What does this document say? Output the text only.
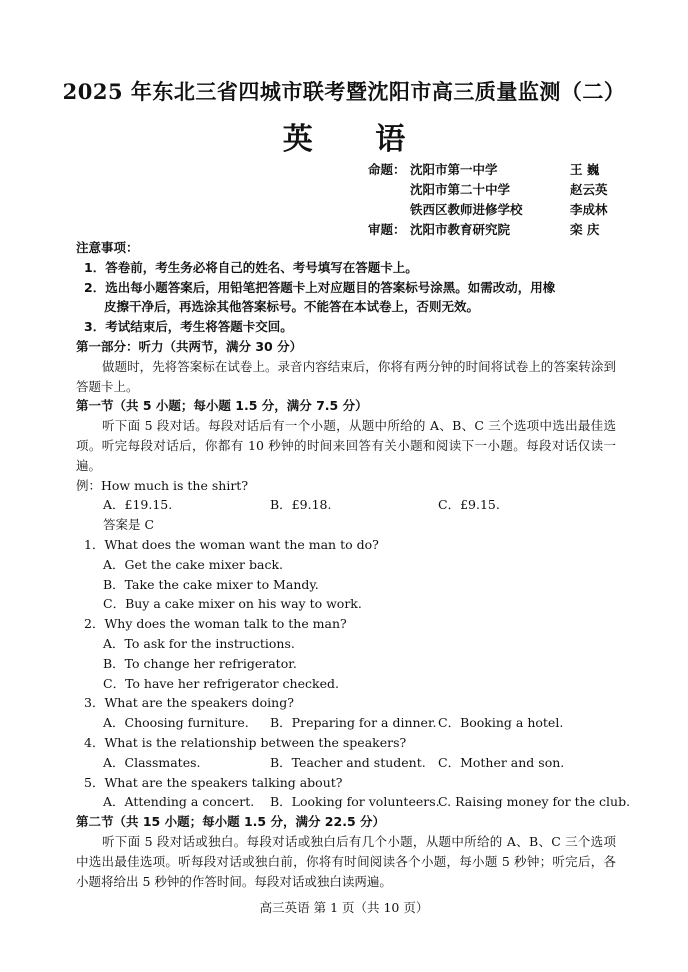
2025 年东北三省四城市联考暨沈阳市高三质量监测（二）
英 语
命题： 沈阳市第一中学	王 巍
沈阳市第二十中学	赵云英
铁西区教师进修学校	李成林
审题： 沈阳市教育研究院	栾 庆
注意事项：
1．答卷前，考生务必将自己的姓名、考号填写在答题卡上。
2．选出每小题答案后，用铅笔把答题卡上对应题目的答案标号涂黑。如需改动，用橡
皮擦干净后，再选涂其他答案标号。不能答在本试卷上，否则无效。
3．考试结束后，考生将答题卡交回。
第一部分：听力（共两节，满分 30 分）
做题时，先将答案标在试卷上。录音内容结束后，你将有两分钟的时间将试卷上的答案转涂到答题卡上。
第一节（共 5 小题；每小题 1.5 分，满分 7.5 分）
听下面 5 段对话。每段对话后有一个小题，从题中所给的 A、B、C 三个选项中选出最佳选项。听完每段对话后，你都有 10 秒钟的时间来回答有关小题和阅读下一小题。每段对话仅读一遍。
例：How much is the shirt?
A．£19.15.	B．£9.18.	C．£9.15.
答案是 C
1．What does the woman want the man to do?
A．Get the cake mixer back.
B．Take the cake mixer to Mandy.
C．Buy a cake mixer on his way to work.
2．Why does the woman talk to the man?
A．To ask for the instructions.
B．To change her refrigerator.
C．To have her refrigerator checked.
3．What are the speakers doing?
A．Choosing furniture. B．Preparing for a dinner. C．Booking a hotel.
4．What is the relationship between the speakers?
A．Classmates.	B．Teacher and student. C．Mother and son.
5．What are the speakers talking about?
A．Attending a concert. B．Looking for volunteers.
C. Raising money for the club.
第二节（共 15 小题；每小题 1.5 分，满分 22.5 分）
听下面 5 段对话或独白。每段对话或独白后有几个小题，从题中所给的 A、B、C 三个选项中选出最佳选项。听每段对话或独白前，你将有时间阅读各个小题，每小题 5 秒钟；听完后，各小题将给出 5 秒钟的作答时间。每段对话或独白读两遍。
高三英语 第 1 页（共 10 页）
